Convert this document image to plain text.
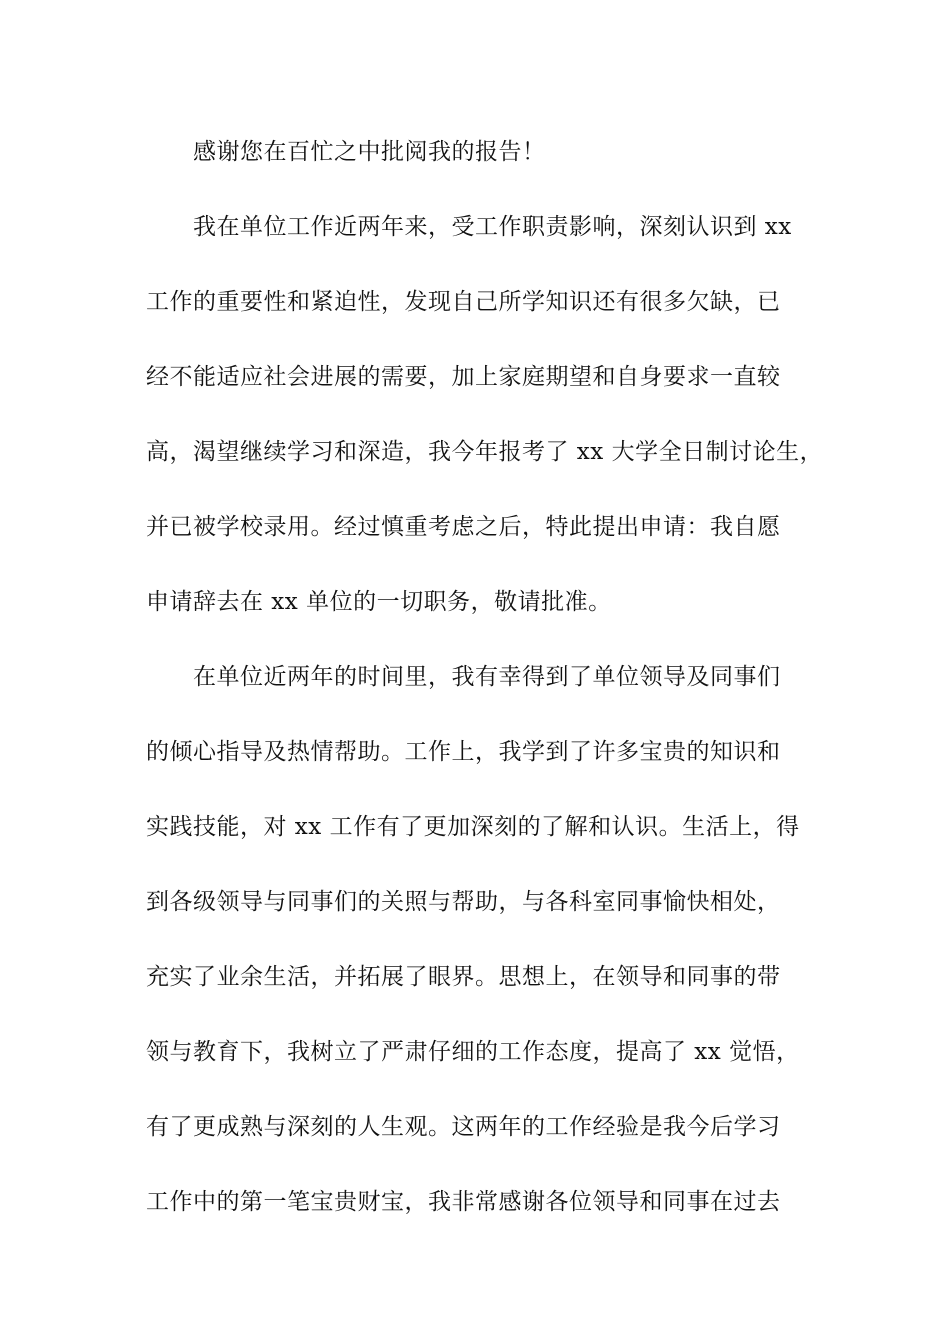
感谢您在百忙之中批阅我的报告！
我在单位工作近两年来，受工作职责影响，深刻认识到 xx
工作的重要性和紧迫性，发现自己所学知识还有很多欠缺，已
经不能适应社会进展的需要，加上家庭期望和自身要求一直较
高，渴望继续学习和深造，我今年报考了 xx 大学全日制讨论生，
并已被学校录用。经过慎重考虑之后，特此提出申请：我自愿
申请辞去在 xx 单位的一切职务，敬请批准。
在单位近两年的时间里，我有幸得到了单位领导及同事们
的倾心指导及热情帮助。工作上，我学到了许多宝贵的知识和
实践技能，对 xx 工作有了更加深刻的了解和认识。生活上，得
到各级领导与同事们的关照与帮助，与各科室同事愉快相处，
充实了业余生活，并拓展了眼界。思想上，在领导和同事的带
领与教育下，我树立了严肃仔细的工作态度，提高了 xx 觉悟，
有了更成熟与深刻的人生观。这两年的工作经验是我今后学习
工作中的第一笔宝贵财宝，我非常感谢各位领导和同事在过去
